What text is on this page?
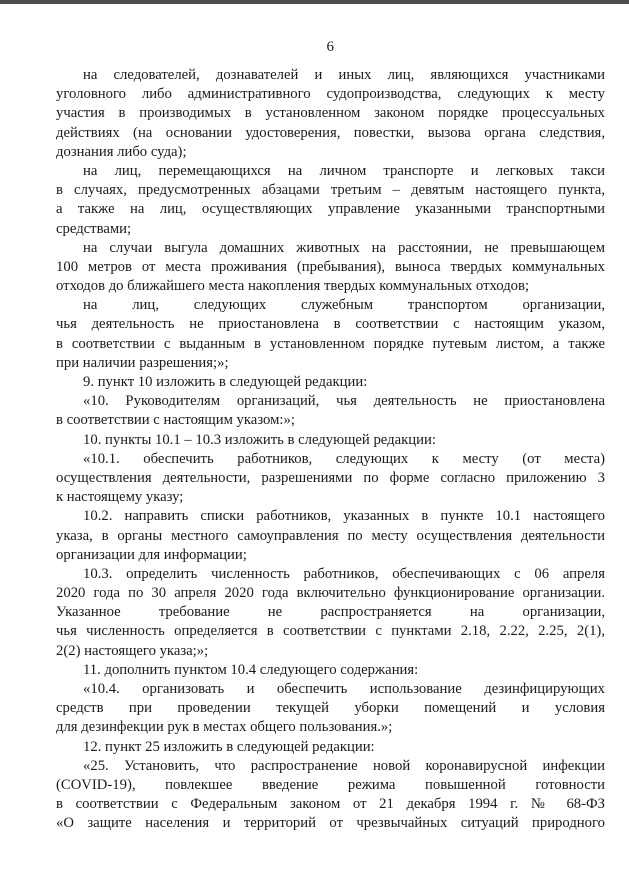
6
на следователей, дознавателей и иных лиц, являющихся участниками
уголовного либо административного судопроизводства, следующих к месту
участия в производимых в установленном законом порядке процессуальных
действиях (на основании удостоверения, повестки, вызова органа следствия,
дознания либо суда);
на лиц, перемещающихся на личном транспорте и легковых такси
в случаях, предусмотренных абзацами третьим – девятым настоящего пункта,
а также на лиц, осуществляющих управление указанными транспортными
средствами;
на случаи выгула домашних животных на расстоянии, не превышающем
100 метров от места проживания (пребывания), выноса твердых коммунальных
отходов до ближайшего места накопления твердых коммунальных отходов;
на лиц, следующих служебным транспортом организации,
чья деятельность не приостановлена в соответствии с настоящим указом,
в соответствии с выданным в установленном порядке путевым листом, а также
при наличии разрешения;»;
9. пункт 10 изложить в следующей редакции:
«10. Руководителям организаций, чья деятельность не приостановлена
в соответствии с настоящим указом:»;
10. пункты 10.1 – 10.3 изложить в следующей редакции:
«10.1. обеспечить работников, следующих к месту (от места)
осуществления деятельности, разрешениями по форме согласно приложению 3
к настоящему указу;
10.2. направить списки работников, указанных в пункте 10.1 настоящего
указа, в органы местного самоуправления по месту осуществления деятельности
организации для информации;
10.3. определить численность работников, обеспечивающих с 06 апреля
2020 года по 30 апреля 2020 года включительно функционирование организации.
Указанное требование не распространяется на организации,
чья численность определяется в соответствии с пунктами 2.18, 2.22, 2.25, 2(1),
2(2) настоящего указа;»;
11. дополнить пунктом 10.4 следующего содержания:
«10.4. организовать и обеспечить использование дезинфицирующих
средств при проведении текущей уборки помещений и условия
для дезинфекции рук в местах общего пользования.»;
12. пункт 25 изложить в следующей редакции:
«25. Установить, что распространение новой коронавирусной инфекции
(COVID-19), повлекшее введение режима повышенной готовности
в соответствии с Федеральным законом от 21 декабря 1994 г. № 68-ФЗ
«О защите населения и территорий от чрезвычайных ситуаций природного
